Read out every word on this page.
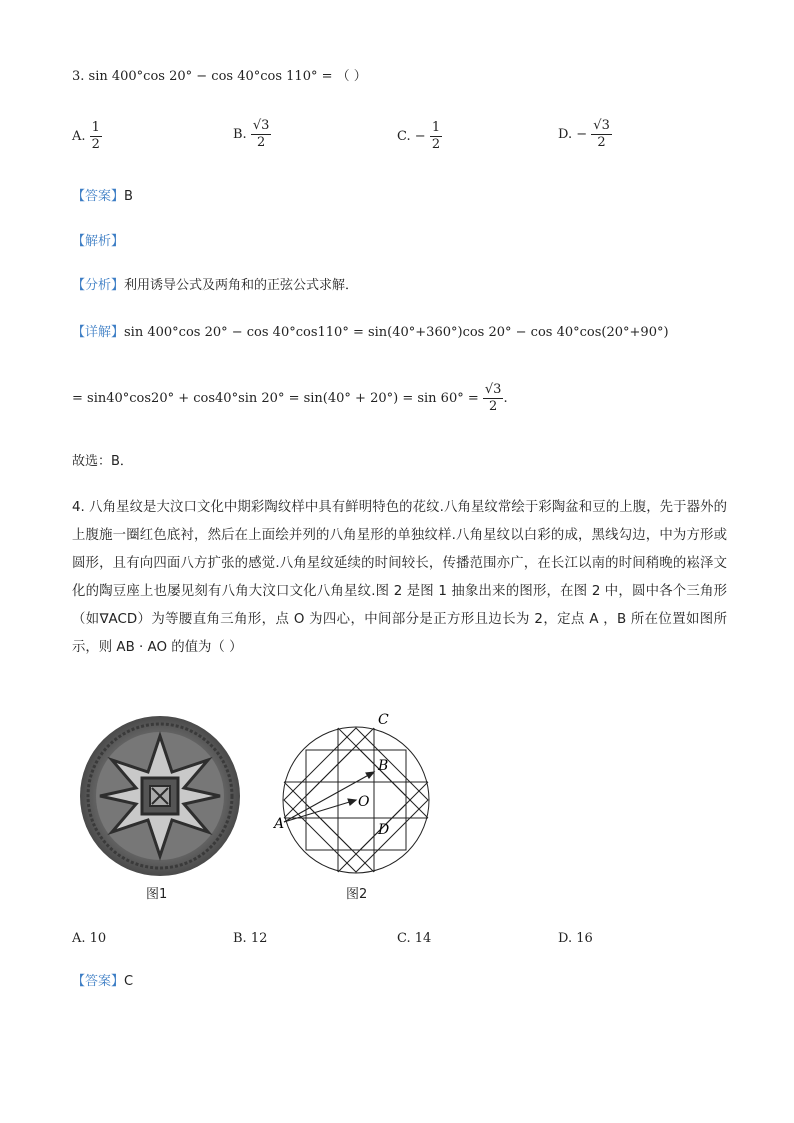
3. sin 400°cos 20° − cos 40°cos 110° = （ ）
A. $\frac{1}{2}$	B. $\frac{√3}{2}$	C. − $\frac{1}{2}$	D. − $\frac{√3}{2}$
【答案】B
【解析】
【分析】利用诱导公式及两角和的正弦公式求解．
【详解】sin 400°cos 20° − cos 40°cos110° = sin(40°+360°)cos 20° − cos 40°cos(20°+90°)
= sin40°cos20° + cos40°sin $20^\circ = \sin(40^\circ + 20^\circ) = \sin 60^\circ = \frac{√3}{2}$ .
故选：B．
4. 八角星纹是大汶口文化中期彩陶纹样中具有鲜明特色的花纹.八角星纹常绘于彩陶盆和豆的上腹，先于器外的上腹施一圈红色底衬，然后在上面绘并列的八角星形的单独纹样.八角星纹以白彩的成，黑线勾边，中为方形或圆形，且有向四面八方扩张的感觉.八角星纹延续的时间较长，传播范围亦广，在长江以南的时间稍晚的崧泽文化的陶豆座上也屡见刻有八角大汶口文化八角星纹.图 2 是图 1 抽象出来的图形，在图 2 中，圆中各个三角形（如∇ACD）为等腰直角三角形，点 O 为四心，中间部分是正方形且边长为 2，定点 A ，B 所在位置如图所示，则 AB · AO 的值为（ ）
图1
A
B
C
D
O
图2
A. 10	B. 12	C. 14	D. 16
【答案】C
